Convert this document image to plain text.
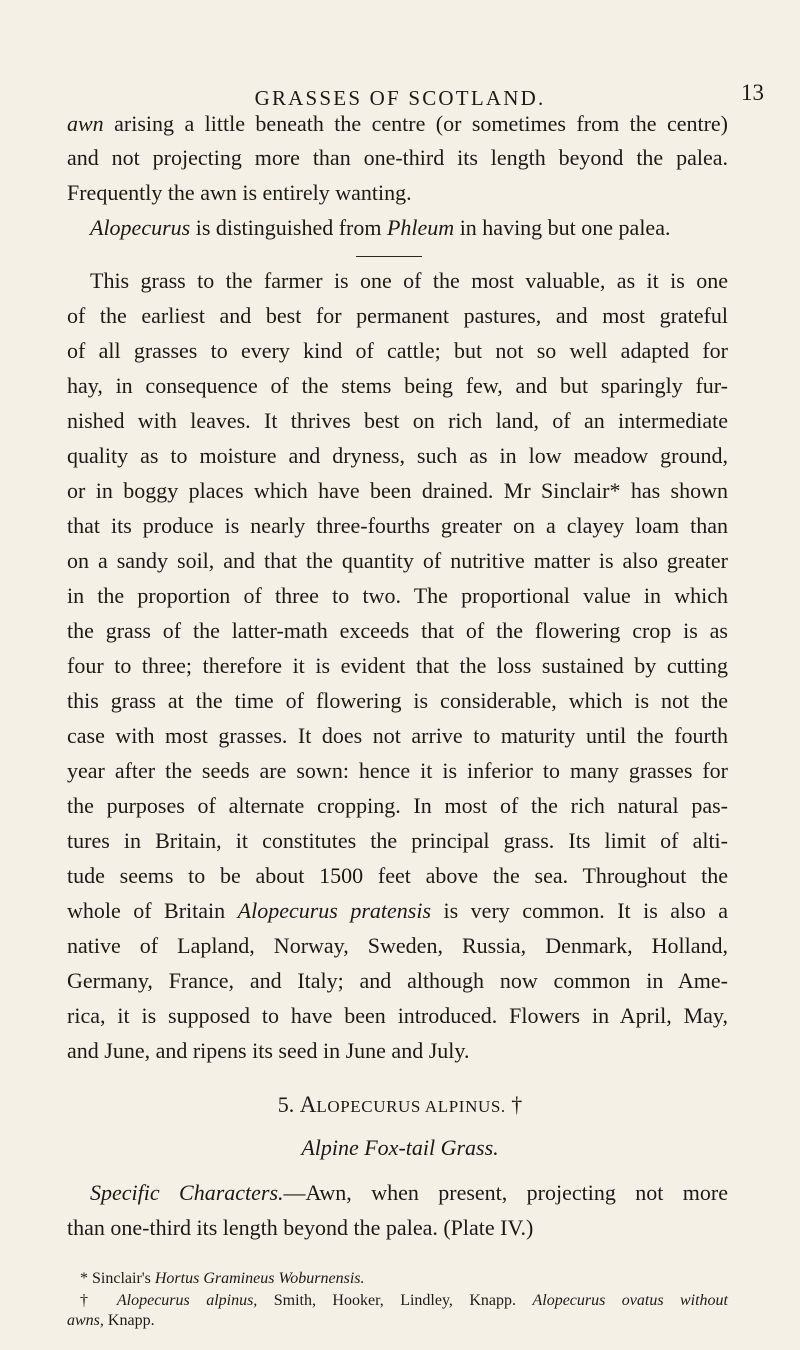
GRASSES OF SCOTLAND.	13
awn arising a little beneath the centre (or sometimes from the centre)
and not projecting more than one-third its length beyond the palea.
Frequently the awn is entirely wanting.
Alopecurus is distinguished from Phleum in having but one palea.
This grass to the farmer is one of the most valuable, as it is one
of the earliest and best for permanent pastures, and most grateful
of all grasses to every kind of cattle; but not so well adapted for
hay, in consequence of the stems being few, and but sparingly fur-
nished with leaves. It thrives best on rich land, of an intermediate
quality as to moisture and dryness, such as in low meadow ground,
or in boggy places which have been drained. Mr Sinclair* has shown
that its produce is nearly three-fourths greater on a clayey loam than
on a sandy soil, and that the quantity of nutritive matter is also greater
in the proportion of three to two. The proportional value in which
the grass of the latter-math exceeds that of the flowering crop is as
four to three; therefore it is evident that the loss sustained by cutting
this grass at the time of flowering is considerable, which is not the
case with most grasses. It does not arrive to maturity until the fourth
year after the seeds are sown: hence it is inferior to many grasses for
the purposes of alternate cropping. In most of the rich natural pas-
tures in Britain, it constitutes the principal grass. Its limit of alti-
tude seems to be about 1500 feet above the sea. Throughout the
whole of Britain Alopecurus pratensis is very common. It is also a
native of Lapland, Norway, Sweden, Russia, Denmark, Holland,
Germany, France, and Italy; and although now common in Ame-
rica, it is supposed to have been introduced. Flowers in April, May,
and June, and ripens its seed in June and July.
5. ALOPECURUS ALPINUS. †
Alpine Fox-tail Grass.
Specific Characters.—Awn, when present, projecting not more
than one-third its length beyond the palea. (Plate IV.)
* Sinclair's Hortus Gramineus Woburnensis.
† Alopecurus alpinus, Smith, Hooker, Lindley, Knapp. Alopecurus ovatus without
awns, Knapp.
